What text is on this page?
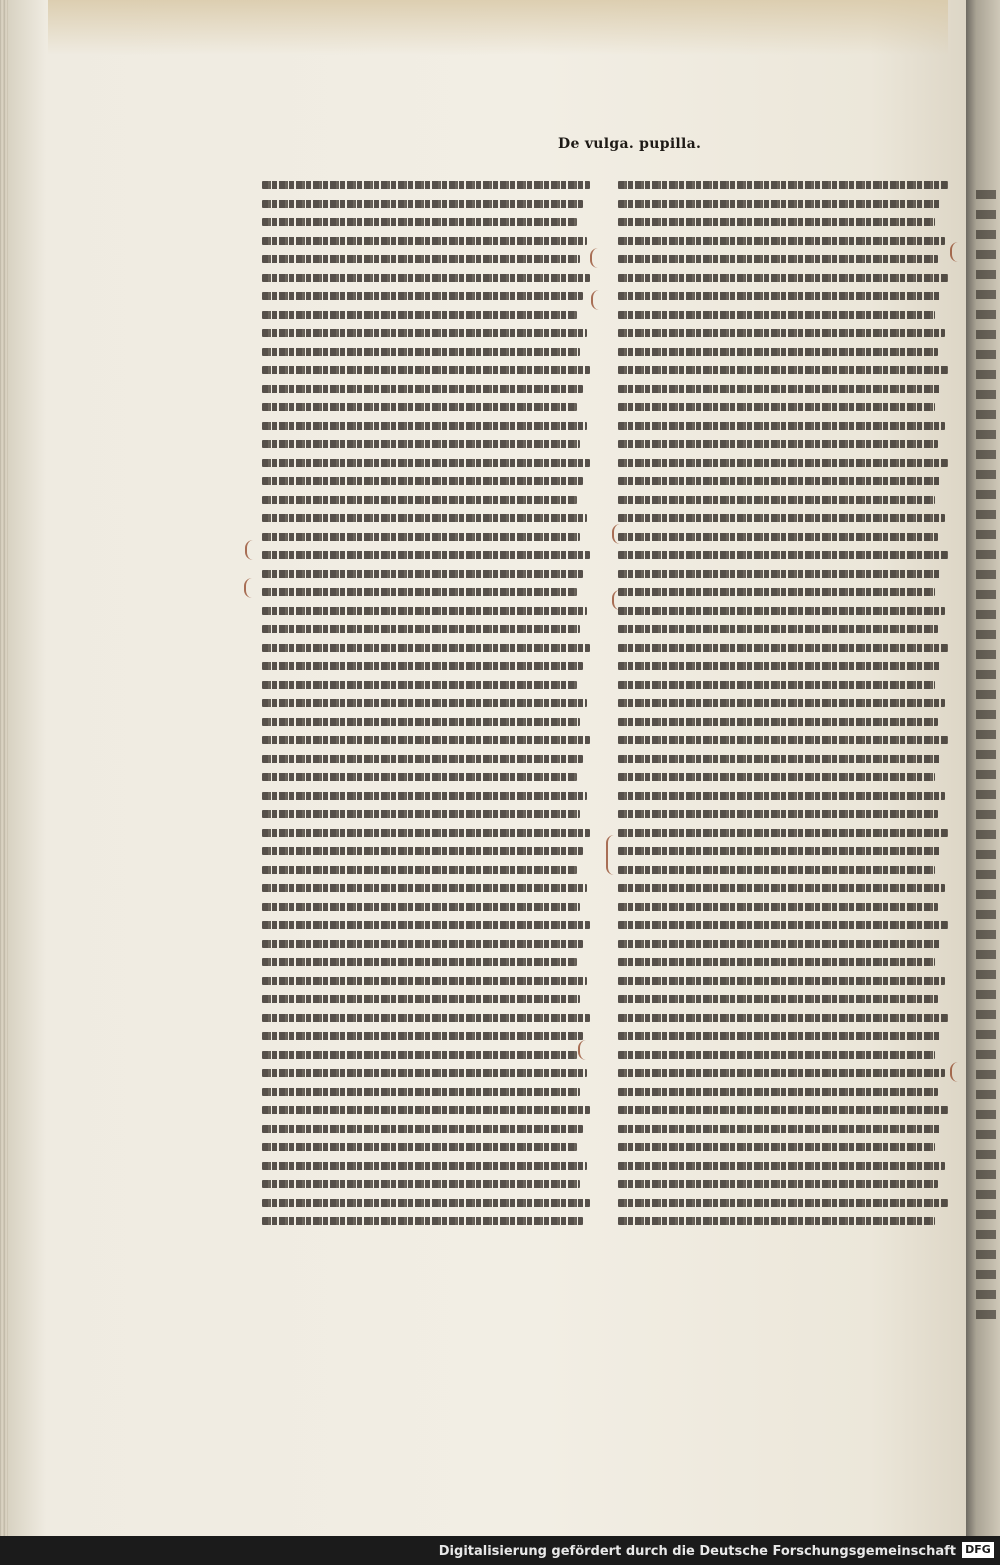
De vulga. pupilla.
Digitalisierung gefördert durch die Deutsche Forschungsgemeinschaft DFG
